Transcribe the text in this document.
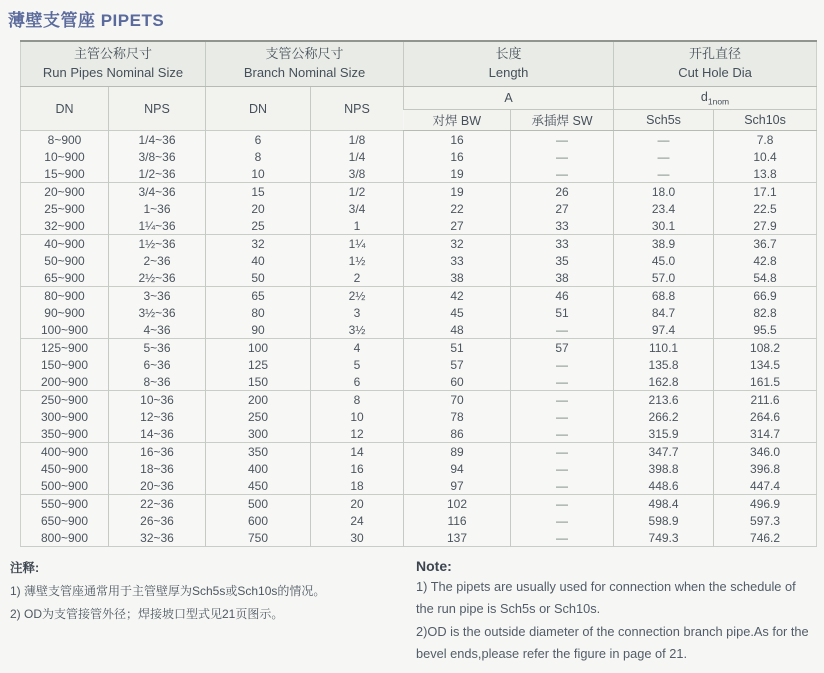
薄壁支管座 PIPETS
主管公称尺寸
Run Pipes Nominal Size		支管公称尺寸
Branch Nominal Size		长度
Length		开孔直径
Cut Hole Dia	

DN	NPS	DN	NPS	A		$d_{1nom}$
				对焊 BW	承插焊 SW	Sch5s	Sch10s
8~900	1/4~36	6	1/8	16	—	—	7.8
10~900	3/8~36	8	1/4	16	—	—	10.4
15~900	1/2~36	10	3/8	19	—	—	13.8
20~900	3/4~36	15	1/2	19	26	18.0	17.1
25~900	1~36	20	3/4	22	27	23.4	22.5
32~900	1¼~36	25	1	27	33	30.1	27.9
40~900	1½~36	32	1¼	32	33	38.9	36.7
50~900	2~36	40	1½	33	35	45.0	42.8
65~900	2½~36	50	2	38	38	57.0	54.8
80~900	3~36	65	2½	42	46	68.8	66.9
90~900	3½~36	80	3	45	51	84.7	82.8
100~900	4~36	90	3½	48	—	97.4	95.5
125~900	5~36	100	4	51	57	110.1	108.2
150~900	6~36	125	5	57	—	135.8	134.5
200~900	8~36	150	6	60	—	162.8	161.5
250~900	10~36	200	8	70	—	213.6	211.6
300~900	12~36	250	10	78	—	266.2	264.6
350~900	14~36	300	12	86	—	315.9	314.7
400~900	16~36	350	14	89	—	347.7	346.0
450~900	18~36	400	16	94	—	398.8	396.8
500~900	20~36	450	18	97	—	448.6	447.4
550~900	22~36	500	20	102	—	498.4	496.9
650~900	26~36	600	24	116	—	598.9	597.3
800~900	32~36	750	30	137	—	749.3	746.2

注释:

1) 薄壁支管座通常用于主管壁厚为Sch5s或Sch10s的情况。

2) OD为支管接管外径；焊接坡口型式见21页图示。

Note:

1) The pipets are usually used for connection when the schedule of the run pipe is Sch5s or Sch10s.

2)OD is the outside diameter of the connection branch pipe.As for the bevel ends,please refer the figure in page of 21.
